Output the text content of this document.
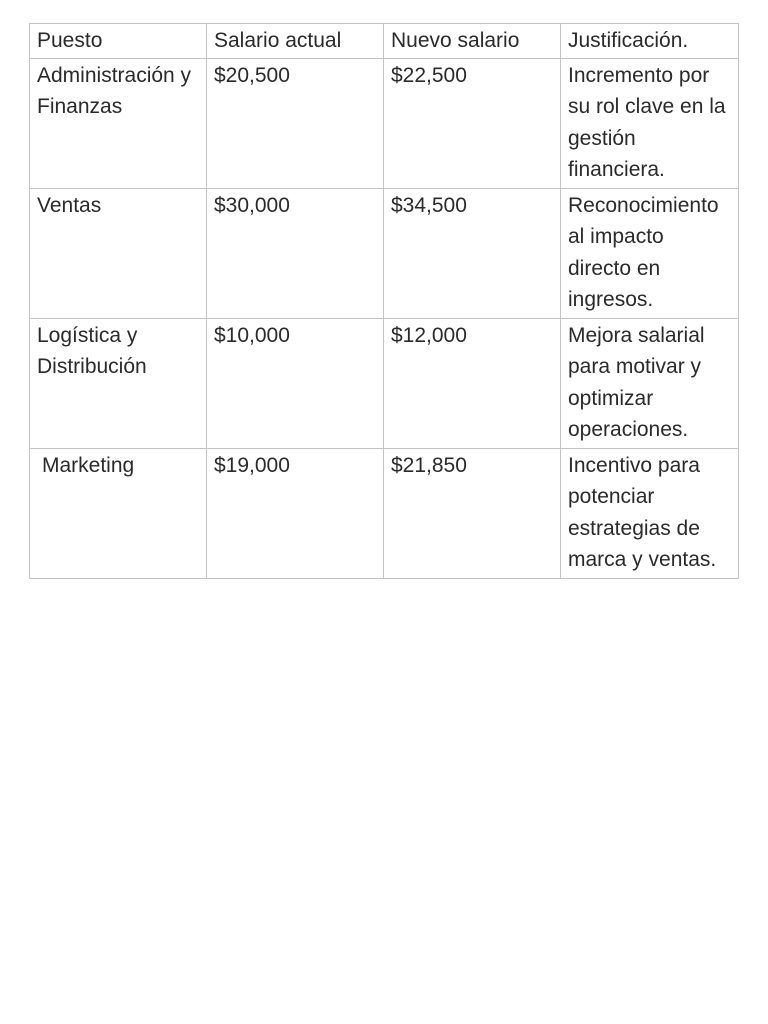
Puesto	Salario actual	Nuevo salario	Justificación.
Administración y Finanzas	$20,500	$22,500	Incremento por su rol clave en la gestión financiera.
Ventas	$30,000	$34,500	Reconocimiento al impacto directo en ingresos.
Logística y Distribución	$10,000	$12,000	Mejora salarial para motivar y optimizar operaciones.
Marketing	$19,000	$21,850	Incentivo para potenciar estrategias de marca y ventas.
